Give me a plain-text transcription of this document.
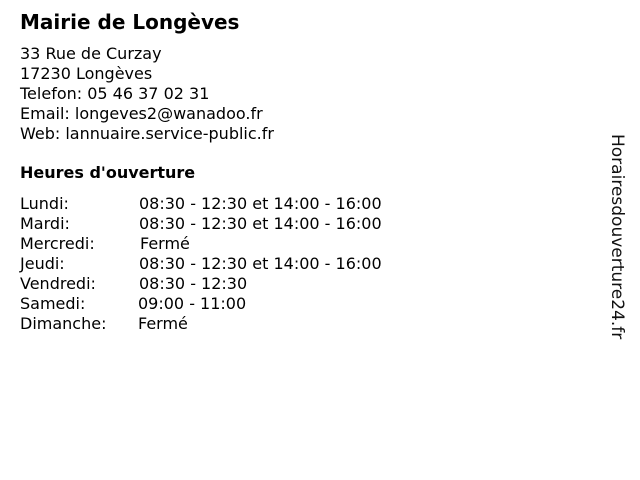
Mairie de Longèves
33 Rue de Curzay
17230 Longèves
Telefon: 05 46 37 02 31
Email: longeves2@wanadoo.fr
Web: lannuaire.service-public.fr
Heures d'ouverture
Lundi:	08:30 - 12:30 et 14:00 - 16:00
Mardi:	08:30 - 12:30 et 14:00 - 16:00
Mercredi:	Fermé
Jeudi:	08:30 - 12:30 et 14:00 - 16:00
Vendredi:	08:30 - 12:30
Samedi:	09:00 - 11:00
Dimanche: Fermé	Horairesdouverture24.fr
